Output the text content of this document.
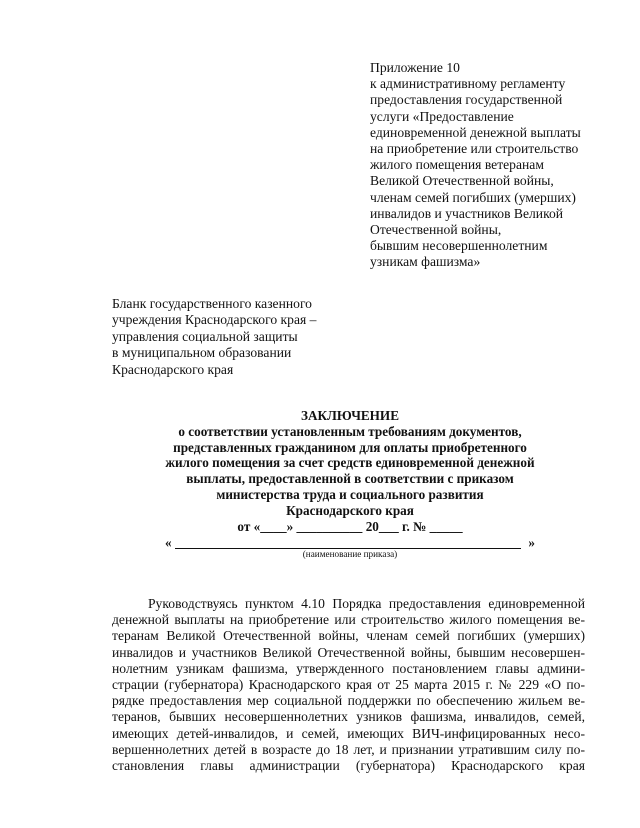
Приложение 10
к административному регламенту
предоставления государственной
услуги «Предоставление
единовременной денежной выплаты
на приобретение или строительство
жилого помещения ветеранам
Великой Отечественной войны,
членам семей погибших (умерших)
инвалидов и участников Великой
Отечественной войны,
бывшим несовершеннолетним
узникам фашизма»
Бланк государственного казенного
учреждения Краснодарского края –
управления социальной защиты
в муниципальном образовании
Краснодарского края
ЗАКЛЮЧЕНИЕ
о соответствии установленным требованиям документов,
представленных гражданином для оплаты приобретенного
жилого помещения за счет средств единовременной денежной
выплаты, предоставленной в соответствии с приказом
министерства труда и социального развития
Краснодарского края
от «____» __________ 20___ г. № _____
«	»
(наименование приказа)
Руководствуясь пунктом 4.10 Порядка предоставления единовременной
денежной выплаты на приобретение или строительство жилого помещения ве-
теранам Великой Отечественной войны, членам семей погибших (умерших)
инвалидов и участников Великой Отечественной войны, бывшим несовершен-
нолетним узникам фашизма, утвержденного постановлением главы админи-
страции (губернатора) Краснодарского края от 25 марта 2015 г. № 229 «О по-
рядке предоставления мер социальной поддержки по обеспечению жильем ве-
теранов, бывших несовершеннолетних узников фашизма, инвалидов, семей,
имеющих детей-инвалидов, и семей, имеющих ВИЧ-инфицированных несо-
вершеннолетних детей в возрасте до 18 лет, и признании утратившим силу по-
становления главы администрации (губернатора) Краснодарского края
